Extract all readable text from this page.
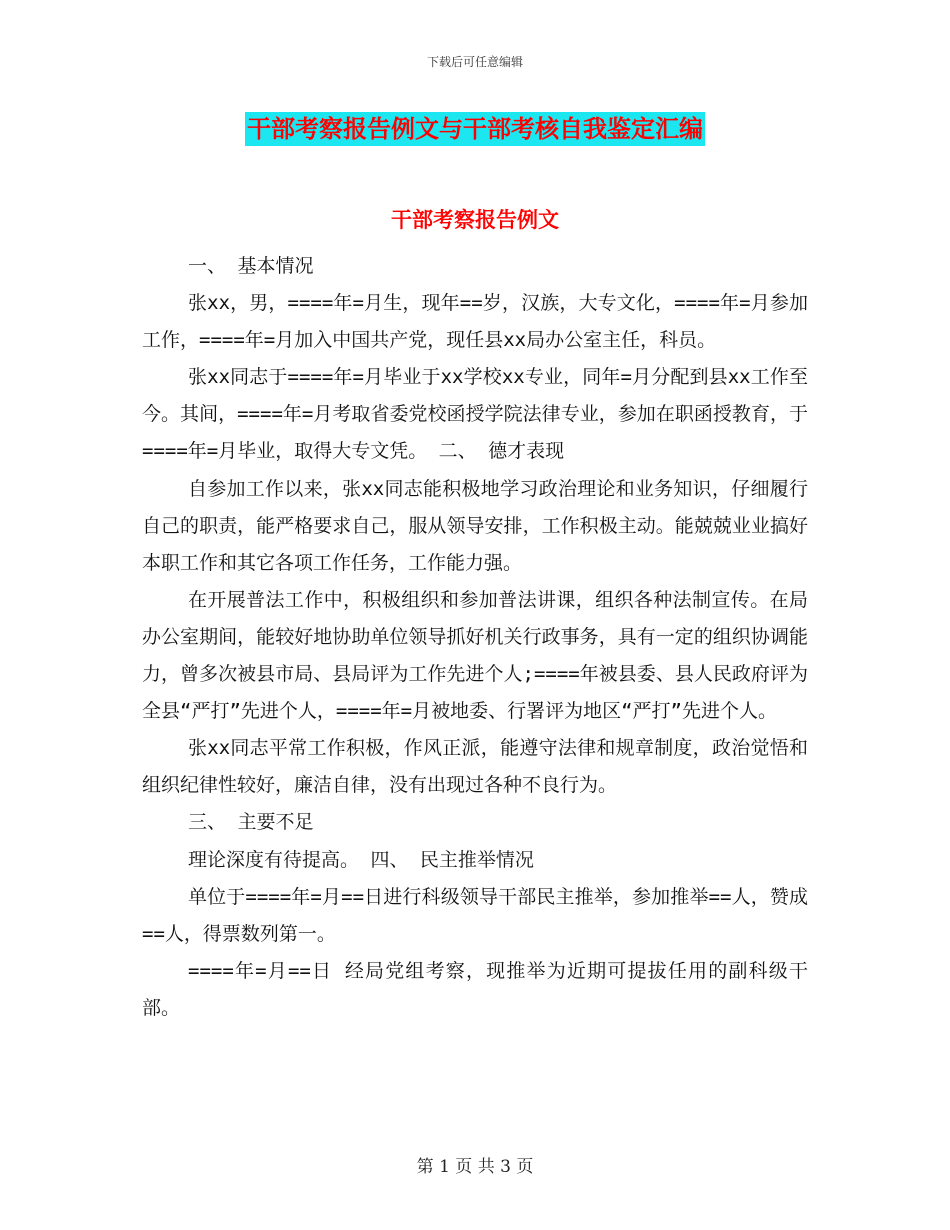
下载后可任意编辑
干部考察报告例文与干部考核自我鉴定汇编
干部考察报告例文

一、 基本情况

张xx，男，====年=月生，现年==岁，汉族，大专文化，====年=月参加工作，====年=月加入中国共产党，现任县xx局办公室主任，科员。

张xx同志于====年=月毕业于xx学校xx专业，同年=月分配到县xx工作至今。其间，====年=月考取省委党校函授学院法律专业，参加在职函授教育，于====年=月毕业，取得大专文凭。 二、 德才表现

自参加工作以来，张xx同志能积极地学习政治理论和业务知识，仔细履行自己的职责，能严格要求自己，服从领导安排，工作积极主动。能兢兢业业搞好本职工作和其它各项工作任务，工作能力强。

在开展普法工作中，积极组织和参加普法讲课，组织各种法制宣传。在局办公室期间，能较好地协助单位领导抓好机关行政事务，具有一定的组织协调能力，曾多次被县市局、县局评为工作先进个人;====年被县委、县人民政府评为全县“严打”先进个人，====年=月被地委、行署评为地区“严打”先进个人。

张xx同志平常工作积极，作风正派，能遵守法律和规章制度，政治觉悟和组织纪律性较好，廉洁自律，没有出现过各种不良行为。

三、 主要不足

理论深度有待提高。 四、 民主推举情况

单位于====年=月==日进行科级领导干部民主推举，参加推举==人，赞成==人，得票数列第一。

====年=月==日 经局党组考察，现推举为近期可提拔任用的副科级干部。

第 1 页 共 3 页
